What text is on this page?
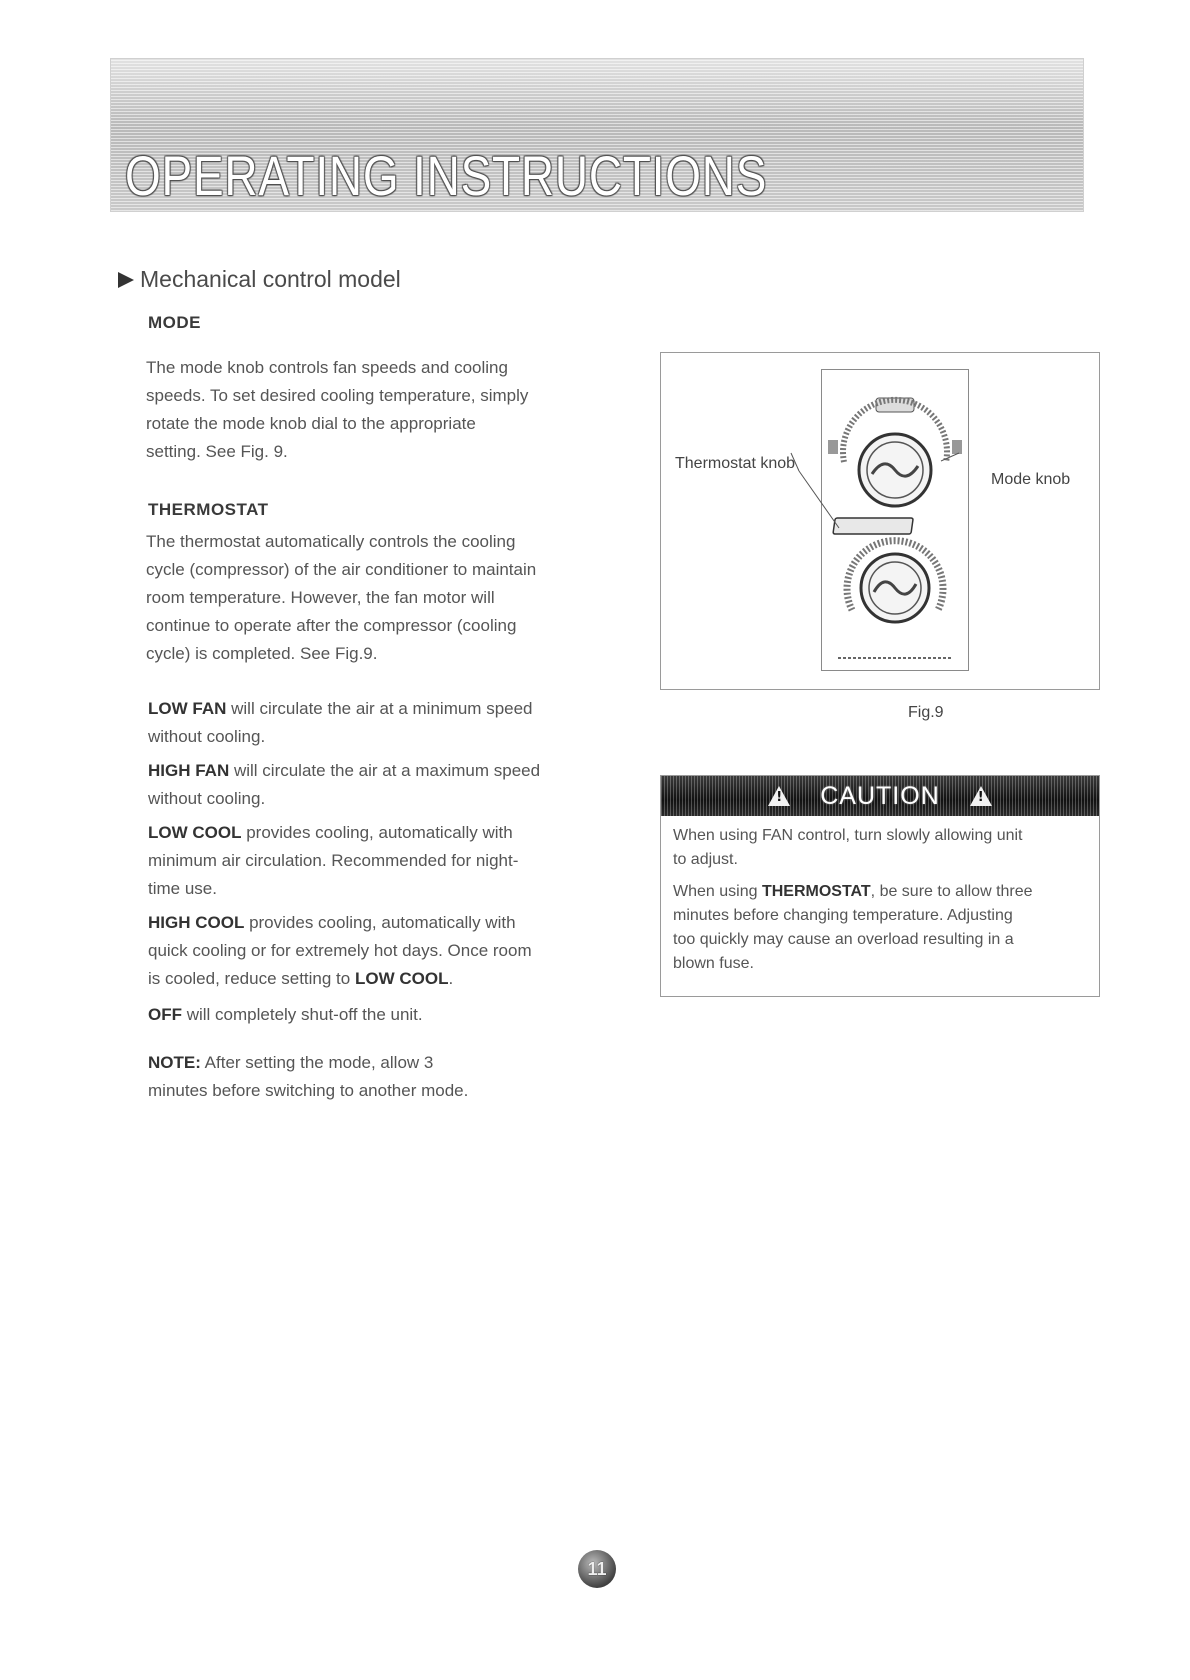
OPERATING INSTRUCTIONS
Mechanical control model
MODE

The mode knob controls fan speeds and cooling
speeds. To set desired cooling temperature, simply
rotate the mode knob dial to the appropriate
setting. See Fig. 9.

THERMOSTAT

The thermostat automatically controls the cooling
cycle (compressor) of the air conditioner to maintain
room temperature. However, the fan motor will
continue to operate after the compressor (cooling
cycle) is completed. See Fig.9.

LOW FAN will circulate the air at a minimum speed
without cooling.

HIGH FAN will circulate the air at a maximum speed
without cooling.

LOW COOL provides cooling, automatically with
minimum air circulation. Recommended for night-
time use.

HIGH COOL provides cooling, automatically with
quick cooling or for extremely hot days. Once room
is cooled, reduce setting to LOW COOL.

OFF will completely shut-off the unit.

NOTE: After setting the mode, allow 3
minutes before switching to another mode.

Thermostat knob
Mode knob
Fig.9
!
CAUTION
!

When using FAN control, turn slowly allowing unit
to adjust.

When using THERMOSTAT, be sure to allow three
minutes before changing temperature. Adjusting
too quickly may cause an overload resulting in a
blown fuse.

11
